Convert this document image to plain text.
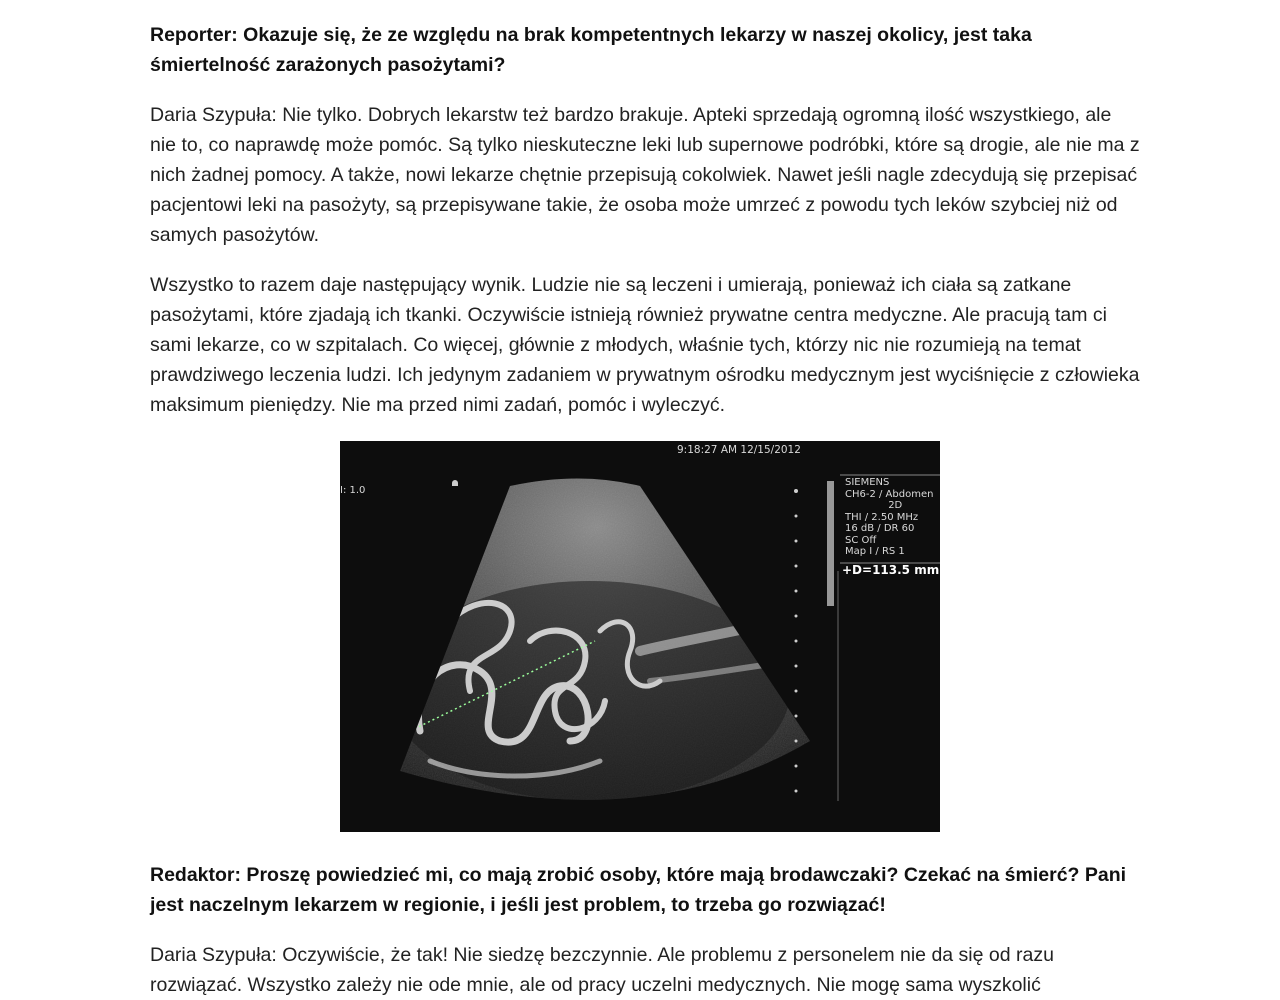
Reporter: Okazuje się, że ze względu na brak kompetentnych lekarzy w naszej okolicy, jest taka śmiertelność zarażonych pasożytami?

Daria Szypuła: Nie tylko. Dobrych lekarstw też bardzo brakuje. Apteki sprzedają ogromną ilość wszystkiego, ale nie to, co naprawdę może pomóc. Są tylko nieskuteczne leki lub supernowe podróbki, które są drogie, ale nie ma z nich żadnej pomocy. A także, nowi lekarze chętnie przepisują cokolwiek. Nawet jeśli nagle zdecydują się przepisać pacjentowi leki na pasożyty, są przepisywane takie, że osoba może umrzeć z powodu tych leków szybciej niż od samych pasożytów.

Wszystko to razem daje następujący wynik. Ludzie nie są leczeni i umierają, ponieważ ich ciała są zatkane pasożytami, które zjadają ich tkanki. Oczywiście istnieją również prywatne centra medyczne. Ale pracują tam ci sami lekarze, co w szpitalach. Co więcej, głównie z młodych, właśnie tych, którzy nic nie rozumieją na temat prawdziwego leczenia ludzi. Ich jedynym zadaniem w prywatnym ośrodku medycznym jest wyciśnięcie z człowieka maksimum pieniędzy. Nie ma przed nimi zadań, pomóc i wyleczyć.

Redaktor: Proszę powiedzieć mi, co mają zrobić osoby, które mają brodawczaki? Czekać na śmierć? Pani jest naczelnym lekarzem w regionie, i jeśli jest problem, to trzeba go rozwiązać!

Daria Szypuła: Oczywiście, że tak! Nie siedzę bezczynnie. Ale problemu z personelem nie da się od razu rozwiązać. Wszystko zależy nie ode mnie, ale od pracy uczelni medycznych. Nie mogę sama wyszkolić

9:18:27 AM 12/15/2012
I: 1.0
SIEMENS
CH6-2 / Abdomen
2D
THI / 2.50 MHz
16 dB / DR 60
SC Off
Map I / RS 1
+D=113.5 mm
